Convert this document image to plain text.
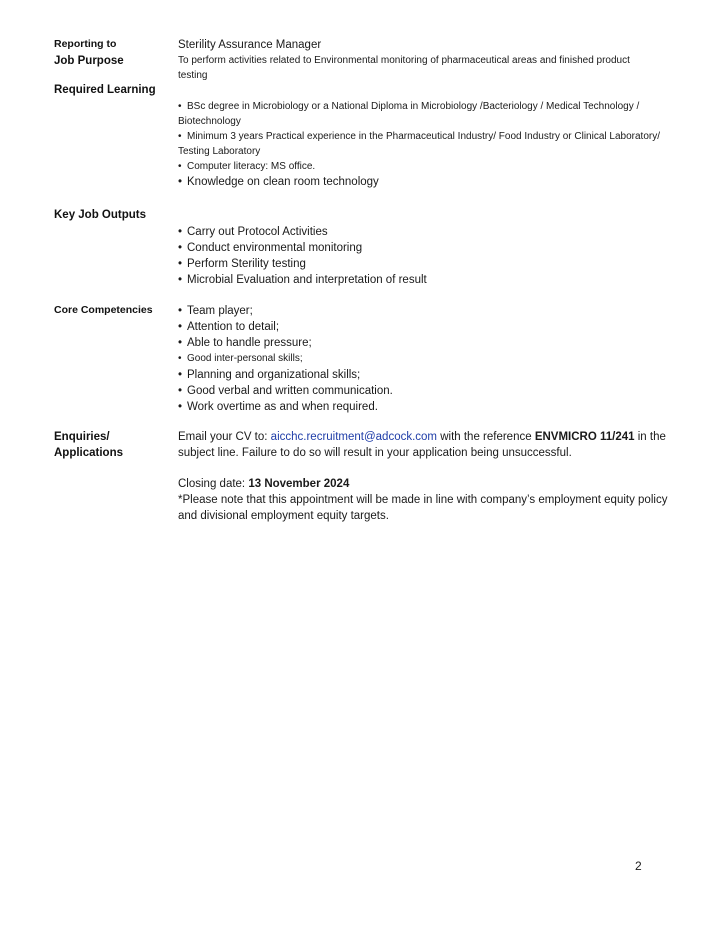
Reporting to	Sterility Assurance Manager
Job Purpose	To perform activities related to Environmental monitoring of pharmaceutical areas and finished product testing
Required Learning
• BSc degree in Microbiology or a National Diploma in Microbiology /Bacteriology / Medical Technology / Biotechnology
• Minimum 3 years Practical experience in the Pharmaceutical Industry/ Food Industry or Clinical Laboratory/ Testing Laboratory
• Computer literacy: MS office.
• Knowledge on clean room technology
Key Job Outputs
• Carry out Protocol Activities
• Conduct environmental monitoring
• Perform Sterility testing
• Microbial Evaluation and interpretation of result
Core Competencies • Team player;
• Attention to detail;
• Able to handle pressure;
• Good inter-personal skills;
• Planning and organizational skills;
• Good verbal and written communication.
• Work overtime as and when required.
Enquiries/
Applications
Email your CV to: aicchc.recruitment@adcock.com with the reference ENVMICRO 11/241 in the subject line. Failure to do so will result in your application being unsuccessful.
Closing date: 13 November 2024
*Please note that this appointment will be made in line with company’s employment equity policy and divisional employment equity targets.
2
